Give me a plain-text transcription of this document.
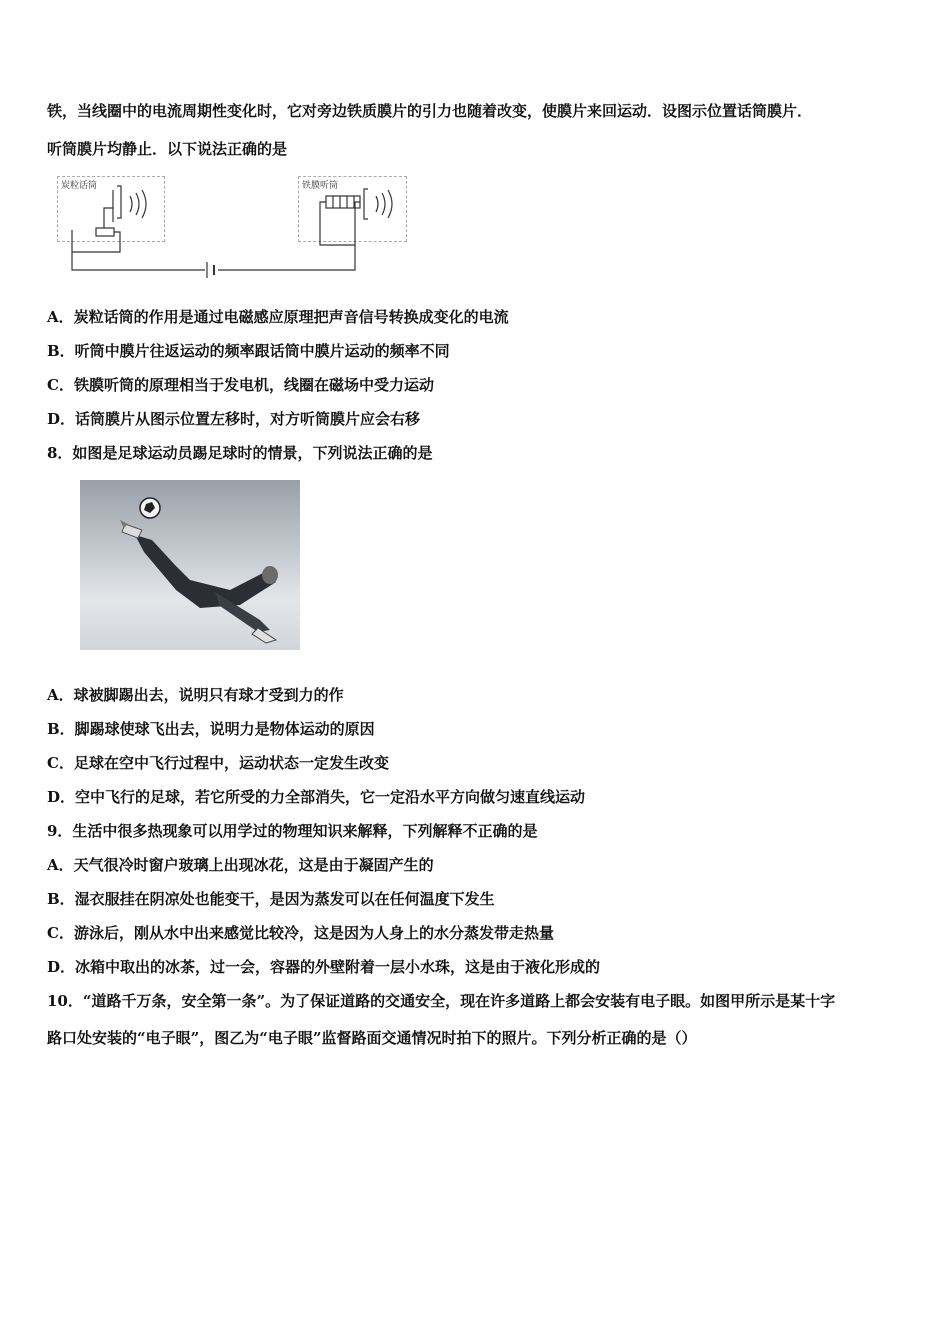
铁，当线圈中的电流周期性变化时，它对旁边铁质膜片的引力也随着改变，使膜片来回运动．设图示位置话筒膜片．
听筒膜片均静止．以下说法正确的是
炭粒话筒	铁膜听筒
A．炭粒话筒的作用是通过电磁感应原理把声音信号转换成变化的电流
B．听筒中膜片往返运动的频率跟话筒中膜片运动的频率不同
C．铁膜听筒的原理相当于发电机，线圈在磁场中受力运动
D．话筒膜片从图示位置左移时，对方听筒膜片应会右移
8．如图是足球运动员踢足球时的情景，下列说法正确的是
A．球被脚踢出去，说明只有球才受到力的作
B．脚踢球使球飞出去，说明力是物体运动的原因
C．足球在空中飞行过程中，运动状态一定发生改变
D．空中飞行的足球，若它所受的力全部消失，它一定沿水平方向做匀速直线运动
9．生活中很多热现象可以用学过的物理知识来解释，下列解释不正确的是
A．天气很冷时窗户玻璃上出现冰花，这是由于凝固产生的
B．湿衣服挂在阴凉处也能变干，是因为蒸发可以在任何温度下发生
C．游泳后，刚从水中出来感觉比较冷，这是因为人身上的水分蒸发带走热量
D．冰箱中取出的冰茶，过一会，容器的外壁附着一层小水珠，这是由于液化形成的
10．“道路千万条，安全第一条”。为了保证道路的交通安全，现在许多道路上都会安装有电子眼。如图甲所示是某十字
路口处安装的“电子眼”，图乙为“电子眼”监督路面交通情况时拍下的照片。下列分析正确的是（）
